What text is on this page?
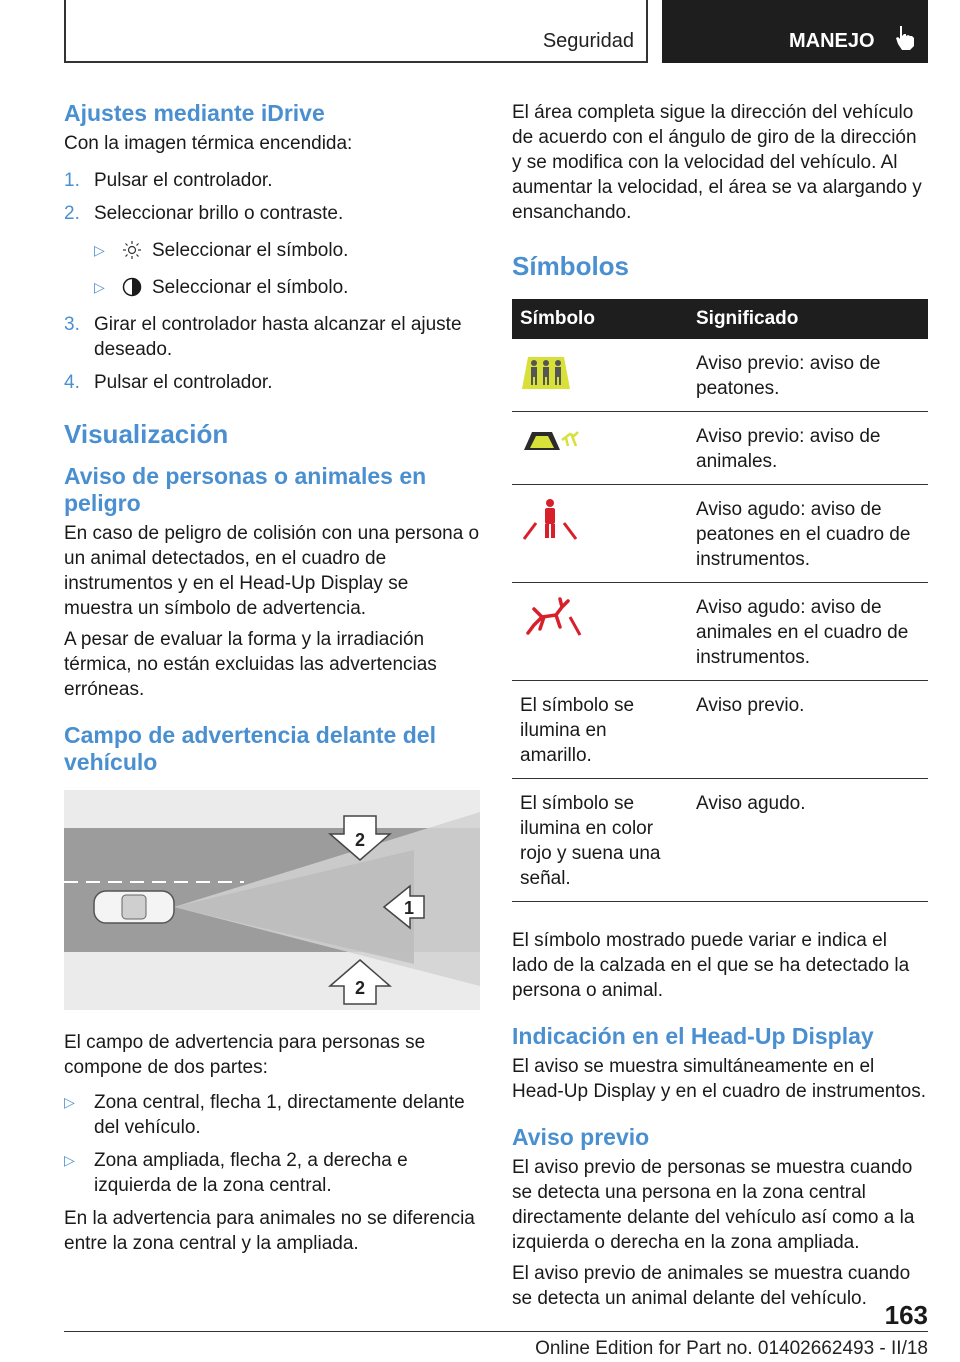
Seguridad	MANEJO
Ajustes mediante iDrive

Con la imagen térmica encendida:

1. Pulsar el controlador.
2. Seleccionar brillo o contraste.
▷ Seleccionar el símbolo.
▷ Seleccionar el símbolo.
3. Girar el controlador hasta alcanzar el ajuste deseado.
4. Pulsar el controlador.
Visualización
Aviso de personas o animales en peligro

En caso de peligro de colisión con una persona o un animal detectados, en el cuadro de instrumentos y en el Head-Up Display se muestra un símbolo de advertencia.

A pesar de evaluar la forma y la irradiación térmica, no están excluidas las advertencias erróneas.

Campo de advertencia delante del vehículo
2
1
2

El campo de advertencia para personas se compone de dos partes:

▷ Zona central, flecha 1, directamente delante del vehículo.
▷ Zona ampliada, flecha 2, a derecha e izquierda de la zona central.

En la advertencia para animales no se diferencia entre la zona central y la ampliada.

El área completa sigue la dirección del vehículo de acuerdo con el ángulo de giro de la dirección y se modifica con la velocidad del vehículo. Al aumentar la velocidad, el área se va alargando y ensanchando.

Símbolos
Símbolo	Significado
	Aviso previo: aviso de peatones.
	Aviso previo: aviso de animales.
	Aviso agudo: aviso de peatones en el cuadro de instrumentos.
	Aviso agudo: aviso de animales en el cuadro de instrumentos.
El símbolo se ilumina en amarillo.	Aviso previo.
El símbolo se ilumina en color rojo y suena una señal.	Aviso agudo.

El símbolo mostrado puede variar e indica el lado de la calzada en el que se ha detectado la persona o animal.

Indicación en el Head-Up Display

El aviso se muestra simultáneamente en el Head-Up Display y en el cuadro de instrumentos.

Aviso previo

El aviso previo de personas se muestra cuando se detecta una persona en la zona central directamente delante del vehículo así como a la izquierda o derecha en la zona ampliada.

El aviso previo de animales se muestra cuando se detecta un animal delante del vehículo.

163
Online Edition for Part no. 01402662493 - II/18
